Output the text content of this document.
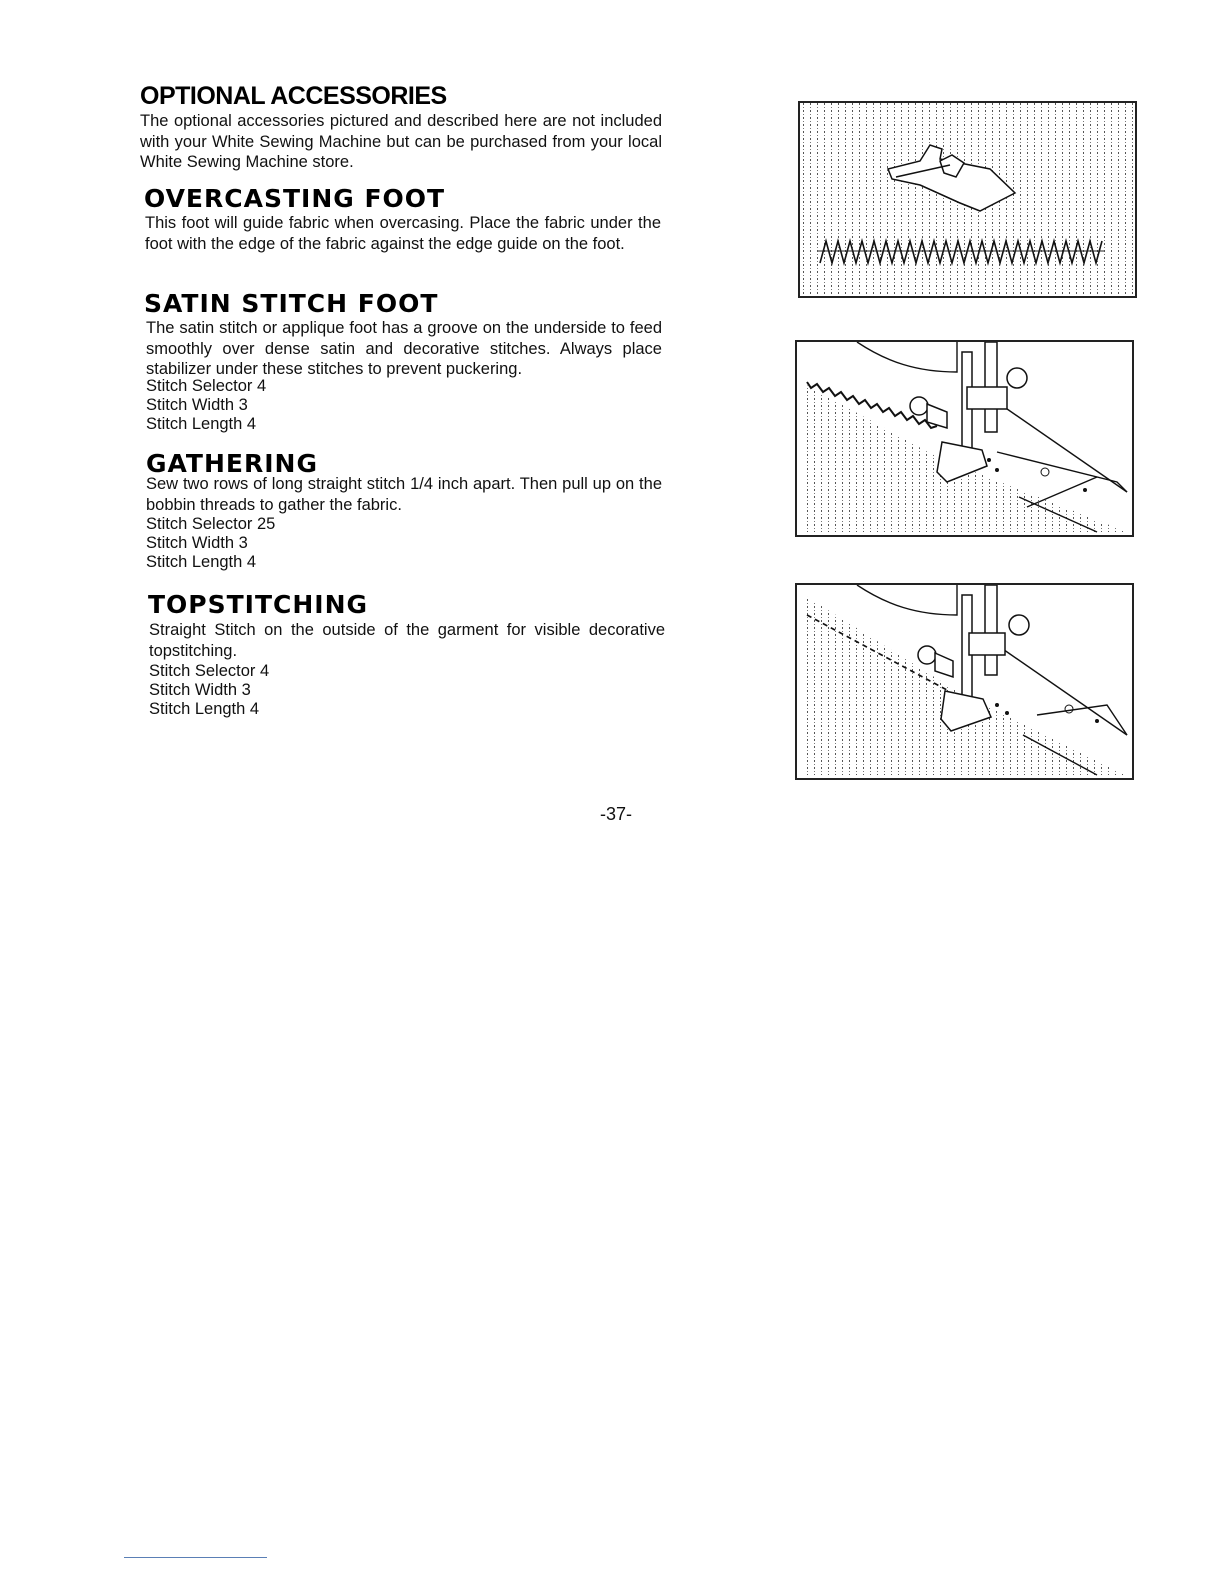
OPTIONAL ACCESSORIES

The optional accessories pictured and described here are not included with your White Sewing Machine but can be purchased from your local White Sewing Machine store.

OVERCASTING FOOT

This foot will guide fabric when overcasing. Place the fabric under the foot with the edge of the fabric against the edge guide on the foot.

SATIN STITCH FOOT

The satin stitch or applique foot has a groove on the underside to feed smoothly over dense satin and decorative stitches. Always place stabilizer under these stitches to prevent puckering.

Stitch Selector 4
Stitch Width 3
Stitch Length 4
GATHERING

Sew two rows of long straight stitch 1/4 inch apart. Then pull up on the bobbin threads to gather the fabric.

Stitch Selector 25
Stitch Width 3
Stitch Length 4
TOPSTITCHING

Straight Stitch on the outside of the garment for visible decorative topstitching.

Stitch Selector 4
Stitch Width 3
Stitch Length 4
-37-
